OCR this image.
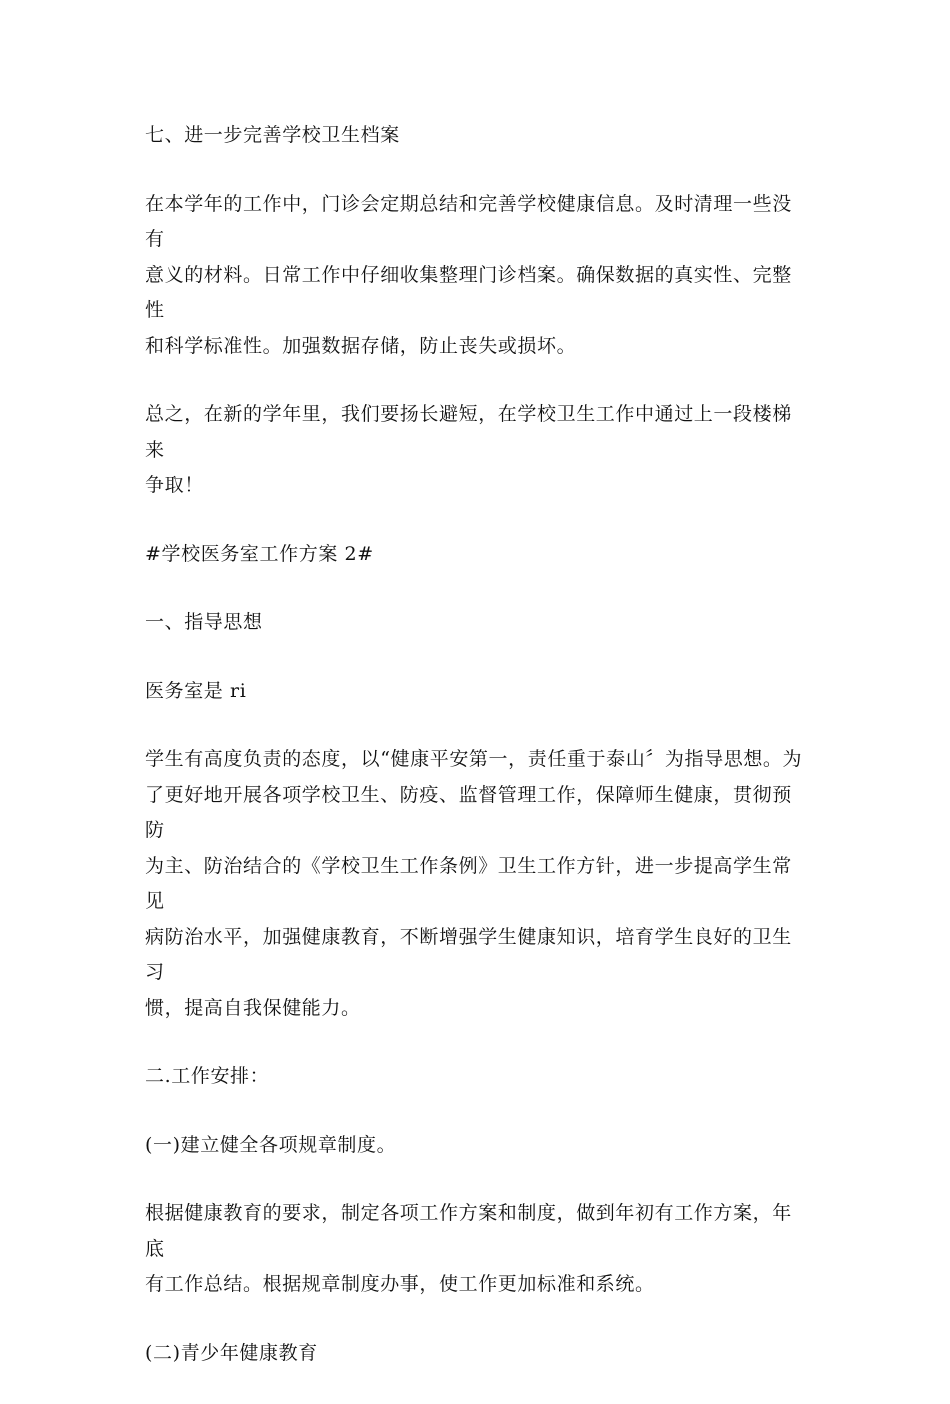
七、进一步完善学校卫生档案

在本学年的工作中，门诊会定期总结和完善学校健康信息。及时清理一些没有
意义的材料。日常工作中仔细收集整理门诊档案。确保数据的真实性、完整性
和科学标准性。加强数据存储，防止丧失或损坏。

总之，在新的学年里，我们要扬长避短，在学校卫生工作中通过上一段楼梯来
争取！

#学校医务室工作方案 2#

一、指导思想

医务室是 ri

学生有高度负责的态度，以“健康平安第一，责任重于泰山〞为指导思想。为
了更好地开展各项学校卫生、防疫、监督管理工作，保障师生健康，贯彻预防
为主、防治结合的《学校卫生工作条例》卫生工作方针，进一步提高学生常见
病防治水平，加强健康教育，不断增强学生健康知识，培育学生良好的卫生习
惯，提高自我保健能力。

二.工作安排：

(一)建立健全各项规章制度。

根据健康教育的要求，制定各项工作方案和制度，做到年初有工作方案，年底
有工作总结。根据规章制度办事，使工作更加标准和系统。

(二)青少年健康教育
